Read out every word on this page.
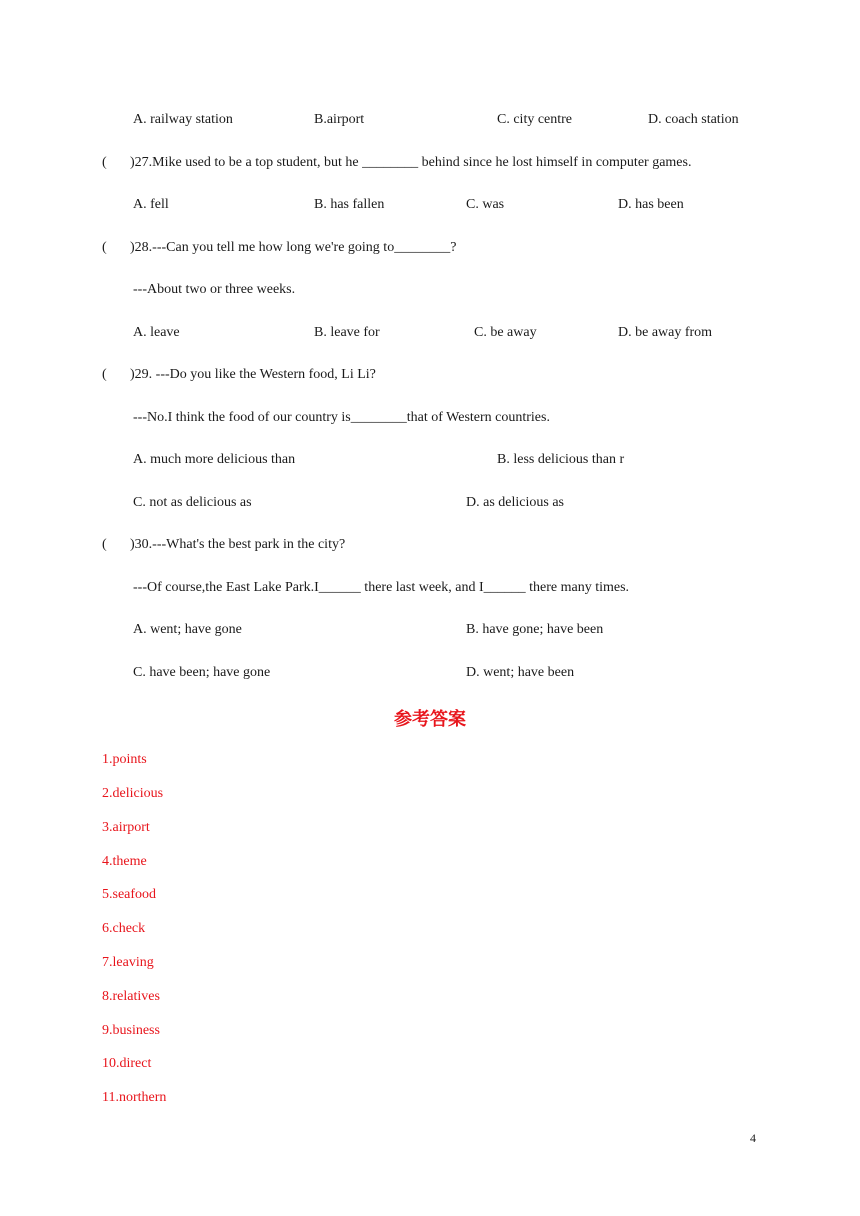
A. railway station	B.airport	C. city centre	D. coach station
( )27.Mike used to be a top student, but he ________ behind since he lost himself in computer games.
A. fell	B. has fallen	C. was	D. has been
( )28.---Can you tell me how long we're going to________?
---About two or three weeks.
A. leave	B. leave for	C. be away	D. be away from
( )29. ---Do you like the Western food, Li Li?
---No.I think the food of our country is________that of Western countries.
A. much more delicious than	B. less delicious than r
C. not as delicious as	D. as delicious as
( )30.---What's the best park in the city?
---Of course,the East Lake Park.I______ there last week, and I______ there many times.
A. went; have gone	B. have gone; have been
C. have been; have gone	D. went; have been
参考答案
1.points
2.delicious
3.airport
4.theme
5.seafood
6.check
7.leaving
8.relatives
9.business
10.direct
11.northern
4
